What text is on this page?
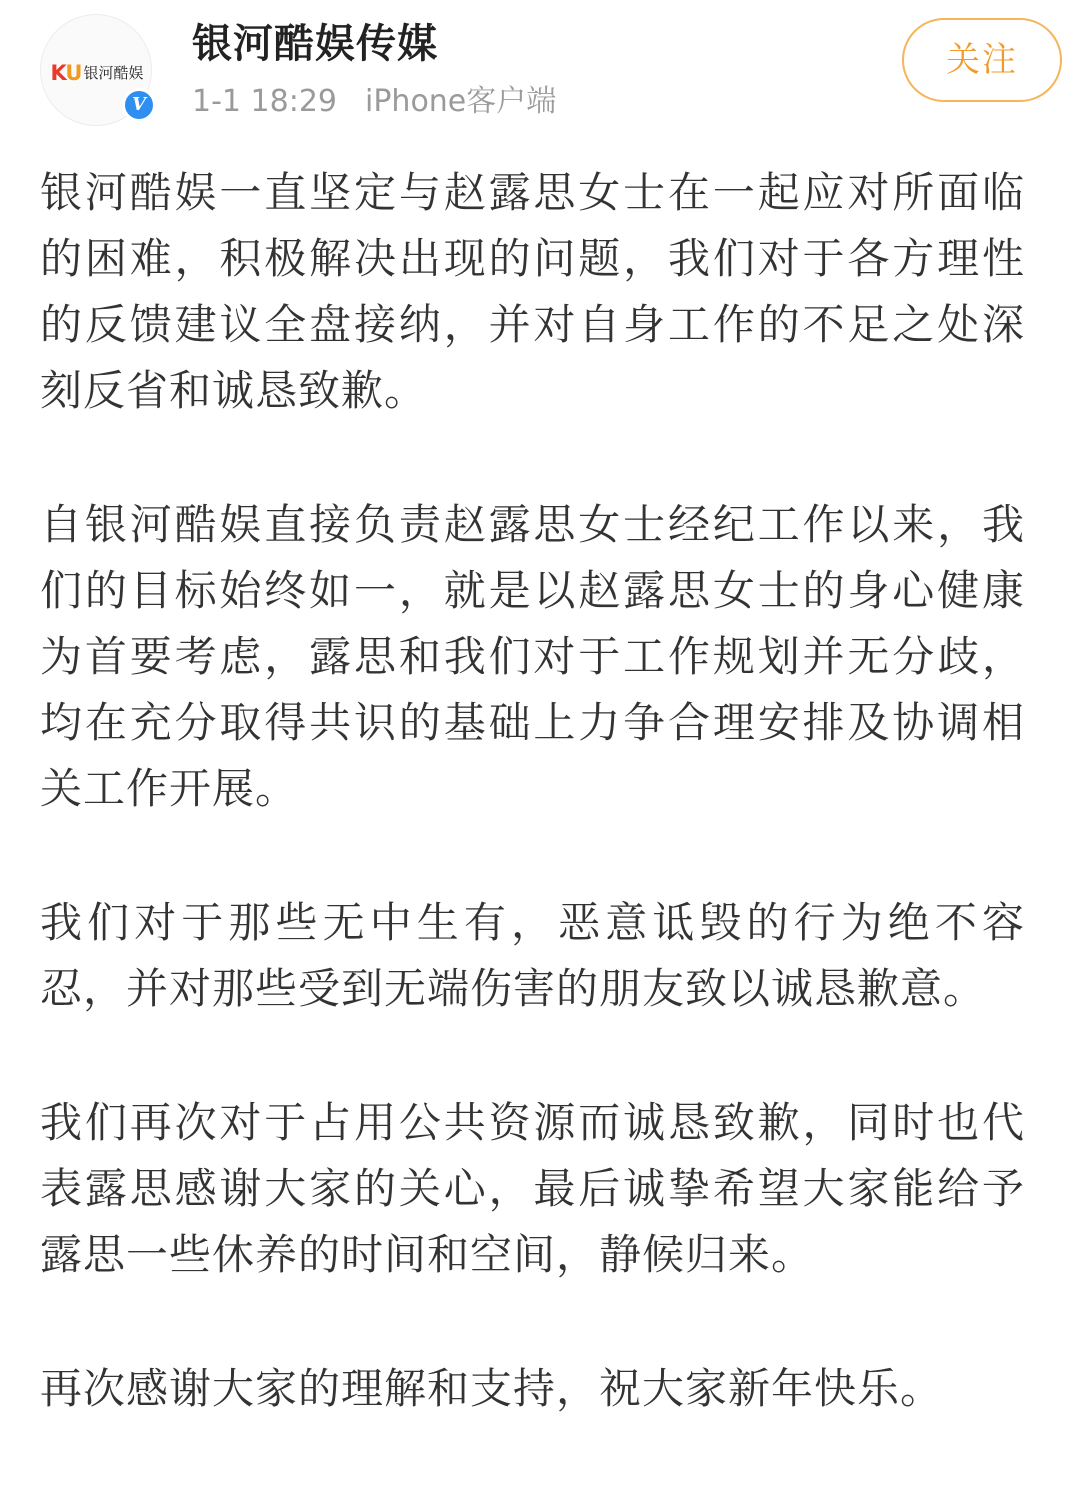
KU 银河酷娱
V
银河酷娱传媒
1-1 18:29 iPhone客户端
关注

银河酷娱一直坚定与赵露思女士在一起应对所面临的困难，积极解决出现的问题，我们对于各方理性的反馈建议全盘接纳，并对自身工作的不足之处深刻反省和诚恳致歉。

自银河酷娱直接负责赵露思女士经纪工作以来，我们的目标始终如一，就是以赵露思女士的身心健康为首要考虑，露思和我们对于工作规划并无分歧，均在充分取得共识的基础上力争合理安排及协调相关工作开展。

我们对于那些无中生有，恶意诋毁的行为绝不容忍，并对那些受到无端伤害的朋友致以诚恳歉意。

我们再次对于占用公共资源而诚恳致歉，同时也代表露思感谢大家的关心，最后诚挚希望大家能给予露思一些休养的时间和空间，静候归来。

再次感谢大家的理解和支持，祝大家新年快乐。
